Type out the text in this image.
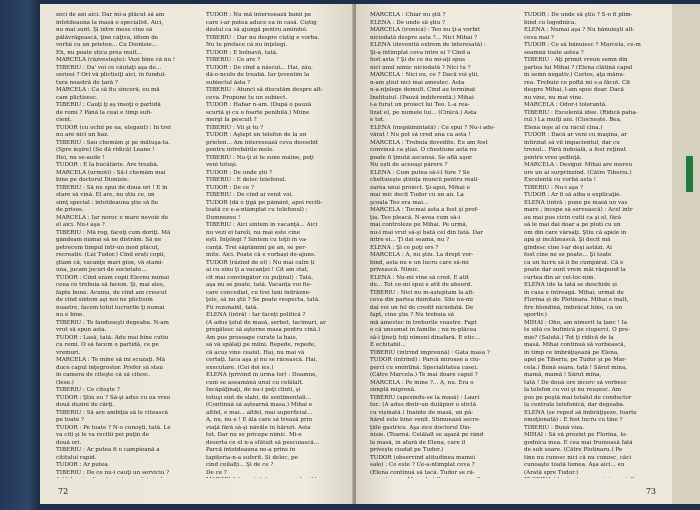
zeci de ani aici. Dar mi-a plăcut să am
întotdeauna la masă o specialist. Aici,
nu mai sunt. Și între mese cine să
pălăvrăgească, ţine câţiva, idiom de
vorbă cu un prieten... Cu Dionisie...
Eh, nu poate știca prea mult...
MARCELA (răzvesteşte): Vezi bine că nu !
TIBERIU : Da' voi ce căutaţi aşa de...
seriosi ? Ori vă plictisiţi aici, în fundul-
tura noastră de țară ?
MARCELA : Ca să fiu sinceră, eu mă
cam plictisesc.
TIBERIU : Cauţi ţi aş însoţi o partidă
de remi ? Până la ceai e timp sufi-
cient.
TUDOR (cu ochii pe ea, elegant) : In trei
nu are nici un haz.
TIBERIU : Sau chemăm şi pe mătuşa-ta.
(Spre ieşire) (Se dă ridică) Leano !
Hei, nu se-aude !
TUDOR : E la bucătărie. Are treabă.
MARCELA (urmoti) : Să-l chemăm mai
bine pe doctorul Dionisie.
TIBERIU : Să nu spui de doua ori ! E în
stare să vină. El are, nu știu ce, un
simţ special : întotdeauna ştie să fie
de prisos.
MARCELA : Iar noroc e mare nevoie de
el aici. Nu-i aşa ?
TIBERIU : Mă rog, faceţi cum doriţi. Mă
gândeam numai să ne distrăm. Să ne
petrecem timpul într-un mod plăcut,
recreativ. (Lui Tudor.) Cînd erați copii,
ştiam că, vacanţe mari gioe, vă stami-
una, jucam jocuri de societate...
TUDOR : Cînd eram copii Elevnu numai
ceea ce trebuia să facem. Şi, mai ales,
fapte bune. Acuma, de cînd am crescut
de cînd sîntem aşi noi ne plictisim
noastre, facem totul lucrurile ţi numai
nu e bine.
TIBERIU : Te fandoseşti degeaba. N-am
vrut să spun asta.
TUDOR : Lasă, tată. Adu mai bine cutiu
cu remi. O să facem o partidă, ce pe
vremuri.
MARCELA : Te mine să mi scuzaţi. Mă
duce capul înţegrostor. Prefer să stau
în camera de citeşte că să citesc.
(Iese.)
TIBERIU : Ce citeşte ?
TUDOR : Ştiu eu ? Să-şi adus cu ea vreo
două duzini de cărţi.
TIBERIU : Să are ambiţia să le citească
pe toate ?
TUDOR : Pe toate ? N-o cunoşti, tată. Le
va citi şi le va recitii pei puţin de
două ori.
TIBERIU : Ar putea fi o campioană a
cititului rapid.
TUDOR : Ar putea.
TIBERIU : De ce nu-i cauţi un serviciu ?
TUDOR : Nu mă interesează banii pe
care i-ar putea aduce ea în casă. Cîștig
destul ca să ajungă pentru amîndoi.
TIBERIU : Dar nu despre cîștig e vorba.
Nu te preface că nu înţelegi.
TUDOR : E bolnavă, tată.
TIBERIU : Ce are ?
TUDOR : De cînd a născut... Hai, zău,
dă-o-ncolo de treabă. Iar ţeveniim la
subiectul ăsta ?
TIBERIU : Atunci să discutăm despre alt-
ceva. Propune tu un subiect.
TUDOR : Habar n-am. (După o pauză
scurtă şi cu o foarte penibilă.) Mîine
mergi la pescuit ?
TIBERIU : Vii şi tu ?
TUDOR : Aştept un telefon de la un
prieten... Am interesează ceva deosebit
pentru întrebările mele.
TIBERIU : Nu-ţi zi te sune mâine, poţi
veni totuşi.
TUDOR : De unde ştii ?
TIBERIU : E deloc telefonul.
TUDOR : De ce ?
TIBERIU : De cînd ai venit voi.
TUDOR (dă o ţigă pe pământ, apoi reciti-
toată ce e-a-ntâmplat cu telefonul) :
Dumnezeu !
TIBERIU : Aici sîntem în vacanţă... Aici
nu vezi ei tareli, nu mai este cine
ești. Înţelegi ? Sîntem cu toţii în va-
canță. Trei săptămîni pe an, se per-
mite. Aici. Poate că e vorbași de-ajuns.
TUDOR (râzind de el) : Nu mai calm ți
ai cu sinu ţi a vacanţei ! Cît am stat,
cît mai convingător cu puţinul) : Tată,
aşa nu se poate, tată. Vacanța voi fie-
care concediat, cu trei luni îndrăzne-
ţele, să nu ştii ? Se poate respecta, tată.
Fii rezonabil, tată.
ELENA (intră) : Iar faceți politică ?
(A adus ţolul de masă, șerbet, tacîmuri, ar
pregătesc să aşterne masa pentru cină.)
Am pus prosoape curate la baie,
să vă spălaţi pe mîini. Repede, repede,
că acuș vine ceaiul. Hai, nu mai vă
certaţi. Iaca aşa şi nu se răcească. Hai,
executare. (Cei doi ies.)
ELENA (privind în urma lor) : Doamne,
cum se aseamănă unul cu celălalt.
Încăpăţînaţi, de nu-i poţi clinti, şi
totuşi sînt de slabi, de sentimentali...
(Continuă să aştearnă masa.) Mihai e
altfel, e mai... altfel, mai superficial...
A, nu, nu e ! E ăla care să trează prin
viaţă fără să-şi năvăle în hăruri. Asta
tot. Dar nu se pricepe nimic. Mi-e
deserta ce el n-a sfătuit să pescuiască...
Parcă întotdeauna ne-a prins în
tapițeria-n-a suferit. Și deloc, pe
cînd ceilalți... Şi de ce ?
De ce ?
72
MARCELA : Chiar nu ştii ?
ELENA : De unde să ştiu ?
MARCELA (ironică) : Teo nu ţi-a vorbit
niciodată despre asta ?... Nici Mihai ?
ELENA (devenită extrem de interesată) :
Şi-a întîmplat ceva între ei ? Cînd a
fost asta ? Şi de ce nu mi-aţi spus
nici unul nimic niciodată ? Nici tu ?
MARCELA : Nici eu, ce ? Dacă voi ştii,
n-am ştiut nici mai amestec. Asta
n-a-nţelege demult. Cînd au terminat
Institutul. (Pauză indiferentă.) Mihai
i-a furat un proiect lui Teo. L-a rea-
lizat el, pe numele lui... (Cînică.) Asta
e tot.
ELENA (înspăimîntată) : Ce spui ? Nu-i ade-
vărat ! Nu pot să cred una ca asta !
MARCELA : Trebuia dovedite. Eu am fost
convinsă ca ştiai. O chestiune asta nu
poate fi ţinută ascunsă. Se află uşor.
Nu ești de aceeaşi părere ?
ELENA : Cum putea să-i-l fure ? Se
cheltuieşte ştiinţa muncii pentru reali-
zarea unui proiect. Şi-apoi, Mihai e
mai mic decît Tudor cu un an. La
şcoala Teo era mai...
MARCELA : Tocmai asta a fost şi prof-
ţia. Teo pleacă. N-avea cum să-i
mai controleze pe Mihai. Pe urmă,
nu-i mai vrut să-şi bată cel din fată. Dar
între ei... Ţi dai seama, nu ?
ELENA : Şi ce poţi ors ?
MARCELA : A, nu ştiu. La drept vor-
bind, asta nu e un lucru care să-mi
privească. Nimic.
ELENA : Nu-mi vine să cred. E atît
de... Tot ce-mi spui e atît de absurd.
TIBERIU : Nici nu m-așteptam la alt-
ceva din partea dumitale. Sile nu-mi
dai voi un fel de credit niciodată. De
fapt, cine ştie ? Nu trebuia să
mă amestec în treburile voastre. Fapt
e că unsumat în familie ; nu m-plăcea
să-i ţineţi toţi nimeni dinafară. E etic...
E echitabil...
TIBERIU (intrînd împreună) : Gata masa ?
TUDOR (intrînd) : Parcă miroase a ciu-
perci cu smîntînă. Specialitatea casei.
(Către Marcela.) Te mai doare capul ?
MARCELA : Pe mine ?... A, nu. Era o
simplă migrenă.
TIBERIU (apesîndu-se la masă) : Lauri
toc. (A adus dintr-un dulăpior o sticlă
cu vișinată.) Înainte de masă, un pă-
hărel este bine venit. Stimuează secre-
ţiile gastrice. Aşa zice doctorul Dio-
nisie. (Toarnă. Celălalt se aşază pe rând
la masă, în afară de Elena, care îl
priveşte ciudat pe Tudor.)
TUDOR (observînd atitudinea mamei
sale) : Ce este ? Ce-a-ntîmplat ceva ?
(Elena continuă să tacă. Tudor se ră-
TUDOR : De unde să ştiu ? S-o fi plim-
bînd cu logodnica.
ELENA : Numai aşa ? Nu bănuieşti alt-
ceva mai ?
TUDOR : Ce să bănuiesc ? Marcela, ce-m
seamnă toate astea ?
TIBERIU : Aţi primit vreun semn din
partea lui Mihai ? (Elena clătină capul
în semn negativ.) Curios, aţa mănu-
rea. Trebuie ce poftă mi s-a făcut. Cît
despre Mihai, l-am spus doar. Dacă
nu vine, nu mai vine.
MARCELA : Odor-i tolerantă.
TIBERIU : Excelentă idee. (Ridică paha-
rul.) La mulţi ani. (Ciocnește. Bea.
Elena ieşe al cu râcul cina.)
TUDOR : Dacă ar veni cu maşina, ar
întîrziat să vii impacientul, dar cu
trenul... Fără îndoială, a fost reţinut
pentru vreo şedinţă.
MARCELA : Desigur. Mihai are mereu
ore un ai surprinzînd. (Către Tiberiu.)
Excelentă cu vorbă asta !
TIBERIU : Nu-i aşa ?
TUDOR : Ar fi să aiba o explicaţie.
ELENA (intră : pune pe masă un vas
mare ; începe să servească) : Acel într
au mai pus cicin cutii ca şi el, fără
să le mai dai doar a pe pluti cu un
om din care vărsaţi. Ştiu că apele în
apă şi încălzească. Şi decit mă
gîndesc cine l-ar deşi astăzi. Ai
fost cine ne se poate... Şi toate
ca un lucru să îi fie cumpărat. Că e
poate dar sunt vrem măi răspund la
curtea din ar cei-loc-nim.
ELENA (de la tată se deschide și
în casa e întreagă. Mihai, urmat de
Florina și de Plotinara. Mihai e înalt,
fire blondină, îmbrăcat bine, ca un
sportiv.)
MIHAI : Oho, am nimerit la țanc ! Ia
te uită ce bufinică pe ciuperci. O pre-
mie? (Salută.) Tot ţi ridică de la
masă. Mihai continuă să vorbească,
în timp ce îmbrăţişează pe Elena,
apoi pe Tiberiu, pe Tudor şi pe Mar-
cela.) Bună seara, tată ! Sărut mîna,
mamă, mamă ! Sărut mîna,
tată ! De două ore încerc să vorbesc
la telefon cu voi şi nu reuşesc. Am
pus pe poştă mai totalul de conductor
la centrala telefonică, dar degeaba.
ELENA (se reped să îmbrăţişeze, foarte
emoţionată) : E fost lucru cu tine ?
TIBERIU : Bună viza.
MIHAI : Să vă prezint pe Florina, lo-
godnica mea. E cea mai frumoasă fată
de sub soare. (Către Plotinaru.) Pe
tine nu cunosc nici că nu cunosc, căci
cunoaşte toată lumea. Aşa aici... eu
(Arată spre Tudor.)
73
